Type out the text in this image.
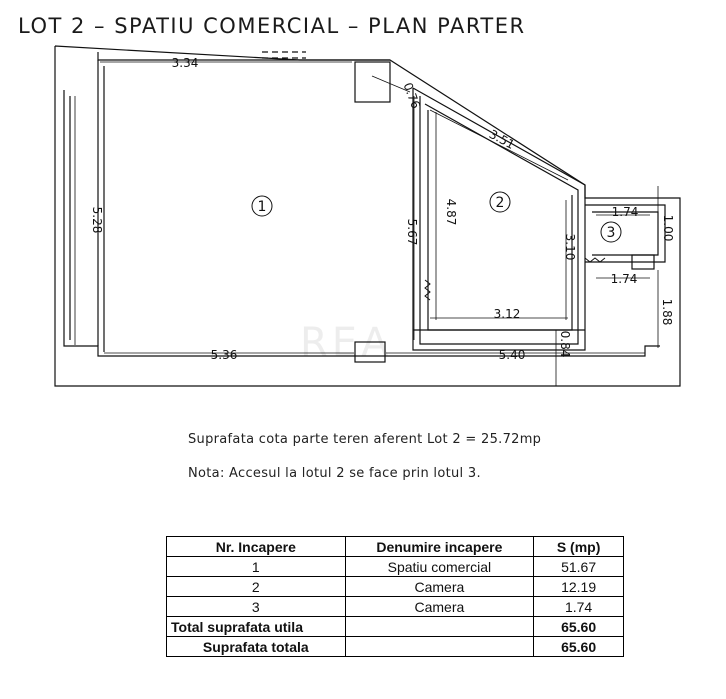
LOT 2 – SPATIU COMERCIAL – PLAN PARTER
1	2
3
3.34
0.76
3.51
5.28	5.67
4.87
3.12
3.10
1.74
1.74
1.00
1.88
5.36	5.40	0.84
REA
Suprafata cota parte teren aferent Lot 2 = 25.72mp
Nota: Accesul la lotul 2 se face prin lotul 3.
Nr. Incapere	Denumire incapere	S (mp)
1	Spatiu comercial	51.67
2	Camera	12.19
3	Camera	1.74
Total suprafata utila		65.60
Suprafata totala		65.60
